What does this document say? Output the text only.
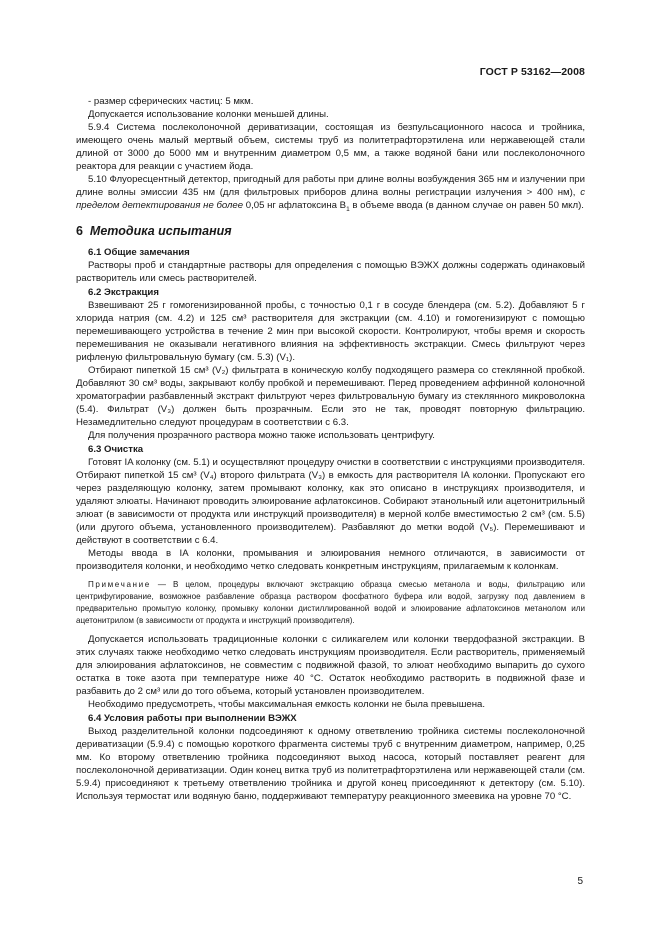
ГОСТ Р 53162—2008
- размер сферических частиц: 5 мкм.
Допускается использование колонки меньшей длины.
5.9.4 Система послеколоночной дериватизации, состоящая из безпульсационного насоса и тройника, имеющего очень малый мертвый объем, системы труб из политетрафторэтилена или нержавеющей стали длиной от 3000 до 5000 мм и внутренним диаметром 0,5 мм, а также водяной бани или послеколоночного реактора для реакции с участием йода.
5.10 Флуоресцентный детектор, пригодный для работы при длине волны возбуждения 365 нм и излучении при длине волны эмиссии 435 нм (для фильтровых приборов длина волны регистрации излучения > 400 нм), с пределом детектирования не более 0,05 нг афлатоксина $B_1$ в объеме ввода (в данном случае он равен 50 мкл).
6 Методика испытания
6.1 Общие замечания
Растворы проб и стандартные растворы для определения с помощью ВЭЖХ должны содержать одинаковый растворитель или смесь растворителей.
6.2 Экстракция
Взвешивают 25 г гомогенизированной пробы, с точностью 0,1 г в сосуде блендера (см. 5.2). Добавляют 5 г хлорида натрия (см. 4.2) и 125 см³ растворителя для экстракции (см. 4.10) и гомогенизируют с помощью перемешивающего устройства в течение 2 мин при высокой скорости. Контролируют, чтобы время и скорость перемешивания не оказывали негативного влияния на эффективность экстракции. Смесь фильтруют через рифленую фильтровальную бумагу (см. 5.3) (V₁).
Отбирают пипеткой 15 см³ (V₂) фильтрата в коническую колбу подходящего размера со стеклянной пробкой. Добавляют 30 см³ воды, закрывают колбу пробкой и перемешивают. Перед проведением аффинной колоночной хроматографии разбавленный экстракт фильтруют через фильтровальную бумагу из стеклянного микроволокна (5.4). Фильтрат (V₃) должен быть прозрачным. Если это не так, проводят повторную фильтрацию. Незамедлительно следуют процедурам в соответствии с 6.3.
Для получения прозрачного раствора можно также использовать центрифугу.
6.3 Очистка
Готовят IA колонку (см. 5.1) и осуществляют процедуру очистки в соответствии с инструкциями производителя. Отбирают пипеткой 15 см³ (V₄) второго фильтрата (V₃) в емкость для растворителя IA колонки. Пропускают его через разделяющую колонку, затем промывают колонку, как это описано в инструкциях производителя, и удаляют элюаты. Начинают проводить элюирование афлатоксинов. Собирают этанольный или ацетонитрильный элюат (в зависимости от продукта или инструкций производителя) в мерной колбе вместимостью 2 см³ (см. 5.5) (или другого объема, установленного производителем). Разбавляют до метки водой (V₅). Перемешивают и действуют в соответствии с 6.4.
Методы ввода в IA колонки, промывания и элюирования немного отличаются, в зависимости от производителя колонки, и необходимо четко следовать конкретным инструкциям, прилагаемым к колонкам.
Примечание — В целом, процедуры включают экстракцию образца смесью метанола и воды, фильтрацию или центрифугирование, возможное разбавление образца раствором фосфатного буфера или водой, загрузку под давлением в предварительно промытую колонку, промывку колонки дистиллированной водой и элюирование афлатоксинов метанолом или ацетонитрилом (в зависимости от продукта и инструкций производителя).
Допускается использовать традиционные колонки с силикагелем или колонки твердофазной экстракции. В этих случаях также необходимо четко следовать инструкциям производителя. Если растворитель, применяемый для элюирования афлатоксинов, не совместим с подвижной фазой, то элюат необходимо выпарить до сухого остатка в токе азота при температуре ниже 40 °С. Остаток необходимо растворить в подвижной фазе и разбавить до 2 см³ или до того объема, который установлен производителем.
Необходимо предусмотреть, чтобы максимальная емкость колонки не была превышена.
6.4 Условия работы при выполнении ВЭЖХ
Выход разделительной колонки подсоединяют к одному ответвлению тройника системы послеколоночной дериватизации (5.9.4) с помощью короткого фрагмента системы труб с внутренним диаметром, например, 0,25 мм. Ко второму ответвлению тройника подсоединяют выход насоса, который поставляет реагент для послеколоночной дериватизации. Один конец витка труб из политетрафторэтилена или нержавеющей стали (см. 5.9.4) присоединяют к третьему ответвлению тройника и другой конец присоединяют к детектору (см. 5.10). Используя термостат или водяную баню, поддерживают температуру реакционного змеевика на уровне 70 °С.
5
